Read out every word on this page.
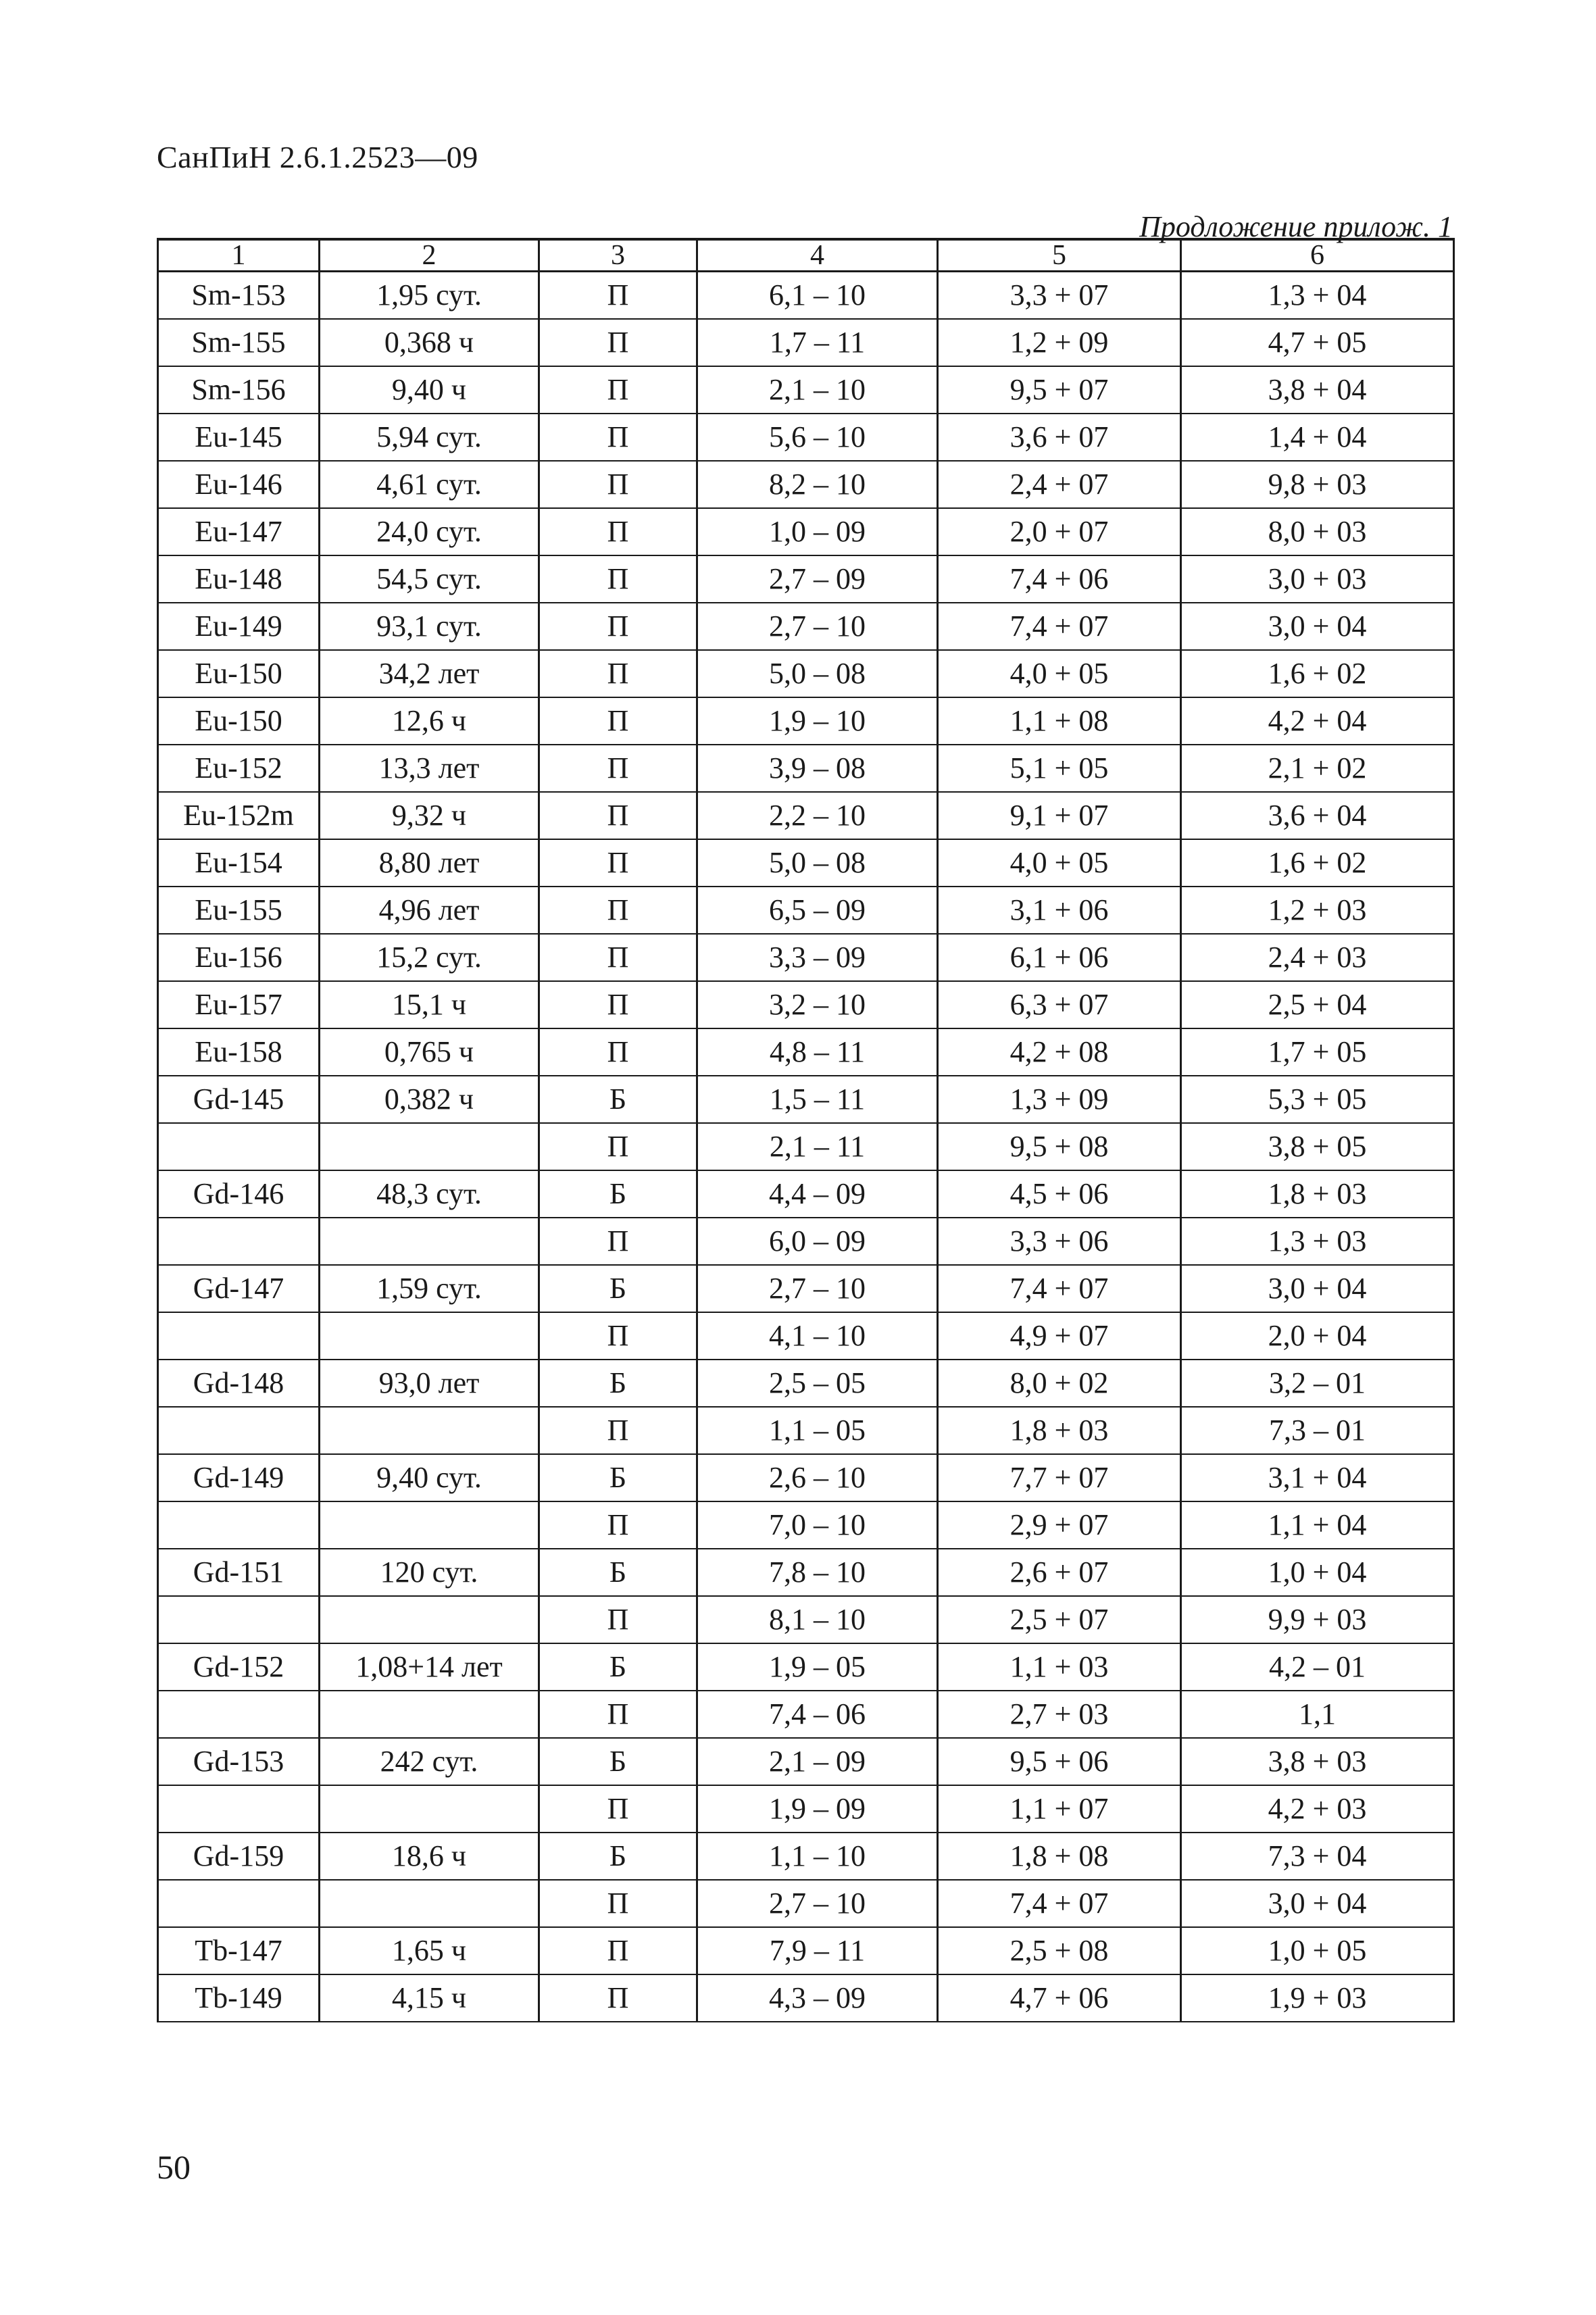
СанПиН 2.6.1.2523—09
Продложение прилож. 1
1	2	3	4	5	6
Sm-153	1,95 сут.	П	6,1 – 10	3,3 + 07	1,3 + 04
Sm-155	0,368 ч	П	1,7 – 11	1,2 + 09	4,7 + 05
Sm-156	9,40 ч	П	2,1 – 10	9,5 + 07	3,8 + 04
Eu-145	5,94 сут.	П	5,6 – 10	3,6 + 07	1,4 + 04
Eu-146	4,61 сут.	П	8,2 – 10	2,4 + 07	9,8 + 03
Eu-147	24,0 сут.	П	1,0 – 09	2,0 + 07	8,0 + 03
Eu-148	54,5 сут.	П	2,7 – 09	7,4 + 06	3,0 + 03
Eu-149	93,1 сут.	П	2,7 – 10	7,4 + 07	3,0 + 04
Eu-150	34,2 лет	П	5,0 – 08	4,0 + 05	1,6 + 02
Eu-150	12,6 ч	П	1,9 – 10	1,1 + 08	4,2 + 04
Eu-152	13,3 лет	П	3,9 – 08	5,1 + 05	2,1 + 02
Eu-152m	9,32 ч	П	2,2 – 10	9,1 + 07	3,6 + 04
Eu-154	8,80 лет	П	5,0 – 08	4,0 + 05	1,6 + 02
Eu-155	4,96 лет	П	6,5 – 09	3,1 + 06	1,2 + 03
Eu-156	15,2 сут.	П	3,3 – 09	6,1 + 06	2,4 + 03
Eu-157	15,1 ч	П	3,2 – 10	6,3 + 07	2,5 + 04
Eu-158	0,765 ч	П	4,8 – 11	4,2 + 08	1,7 + 05
Gd-145	0,382 ч	Б	1,5 – 11	1,3 + 09	5,3 + 05
		П	2,1 – 11	9,5 + 08	3,8 + 05
Gd-146	48,3 сут.	Б	4,4 – 09	4,5 + 06	1,8 + 03
		П	6,0 – 09	3,3 + 06	1,3 + 03
Gd-147	1,59 сут.	Б	2,7 – 10	7,4 + 07	3,0 + 04
		П	4,1 – 10	4,9 + 07	2,0 + 04
Gd-148	93,0 лет	Б	2,5 – 05	8,0 + 02	3,2 – 01
		П	1,1 – 05	1,8 + 03	7,3 – 01
Gd-149	9,40 сут.	Б	2,6 – 10	7,7 + 07	3,1 + 04
		П	7,0 – 10	2,9 + 07	1,1 + 04
Gd-151	120 сут.	Б	7,8 – 10	2,6 + 07	1,0 + 04
		П	8,1 – 10	2,5 + 07	9,9 + 03
Gd-152	1,08+14 лет	Б	1,9 – 05	1,1 + 03	4,2 – 01
		П	7,4 – 06	2,7 + 03	1,1
Gd-153	242 сут.	Б	2,1 – 09	9,5 + 06	3,8 + 03
		П	1,9 – 09	1,1 + 07	4,2 + 03
Gd-159	18,6 ч	Б	1,1 – 10	1,8 + 08	7,3 + 04
		П	2,7 – 10	7,4 + 07	3,0 + 04
Tb-147	1,65 ч	П	7,9 – 11	2,5 + 08	1,0 + 05
Tb-149	4,15 ч	П	4,3 – 09	4,7 + 06	1,9 + 03
50
